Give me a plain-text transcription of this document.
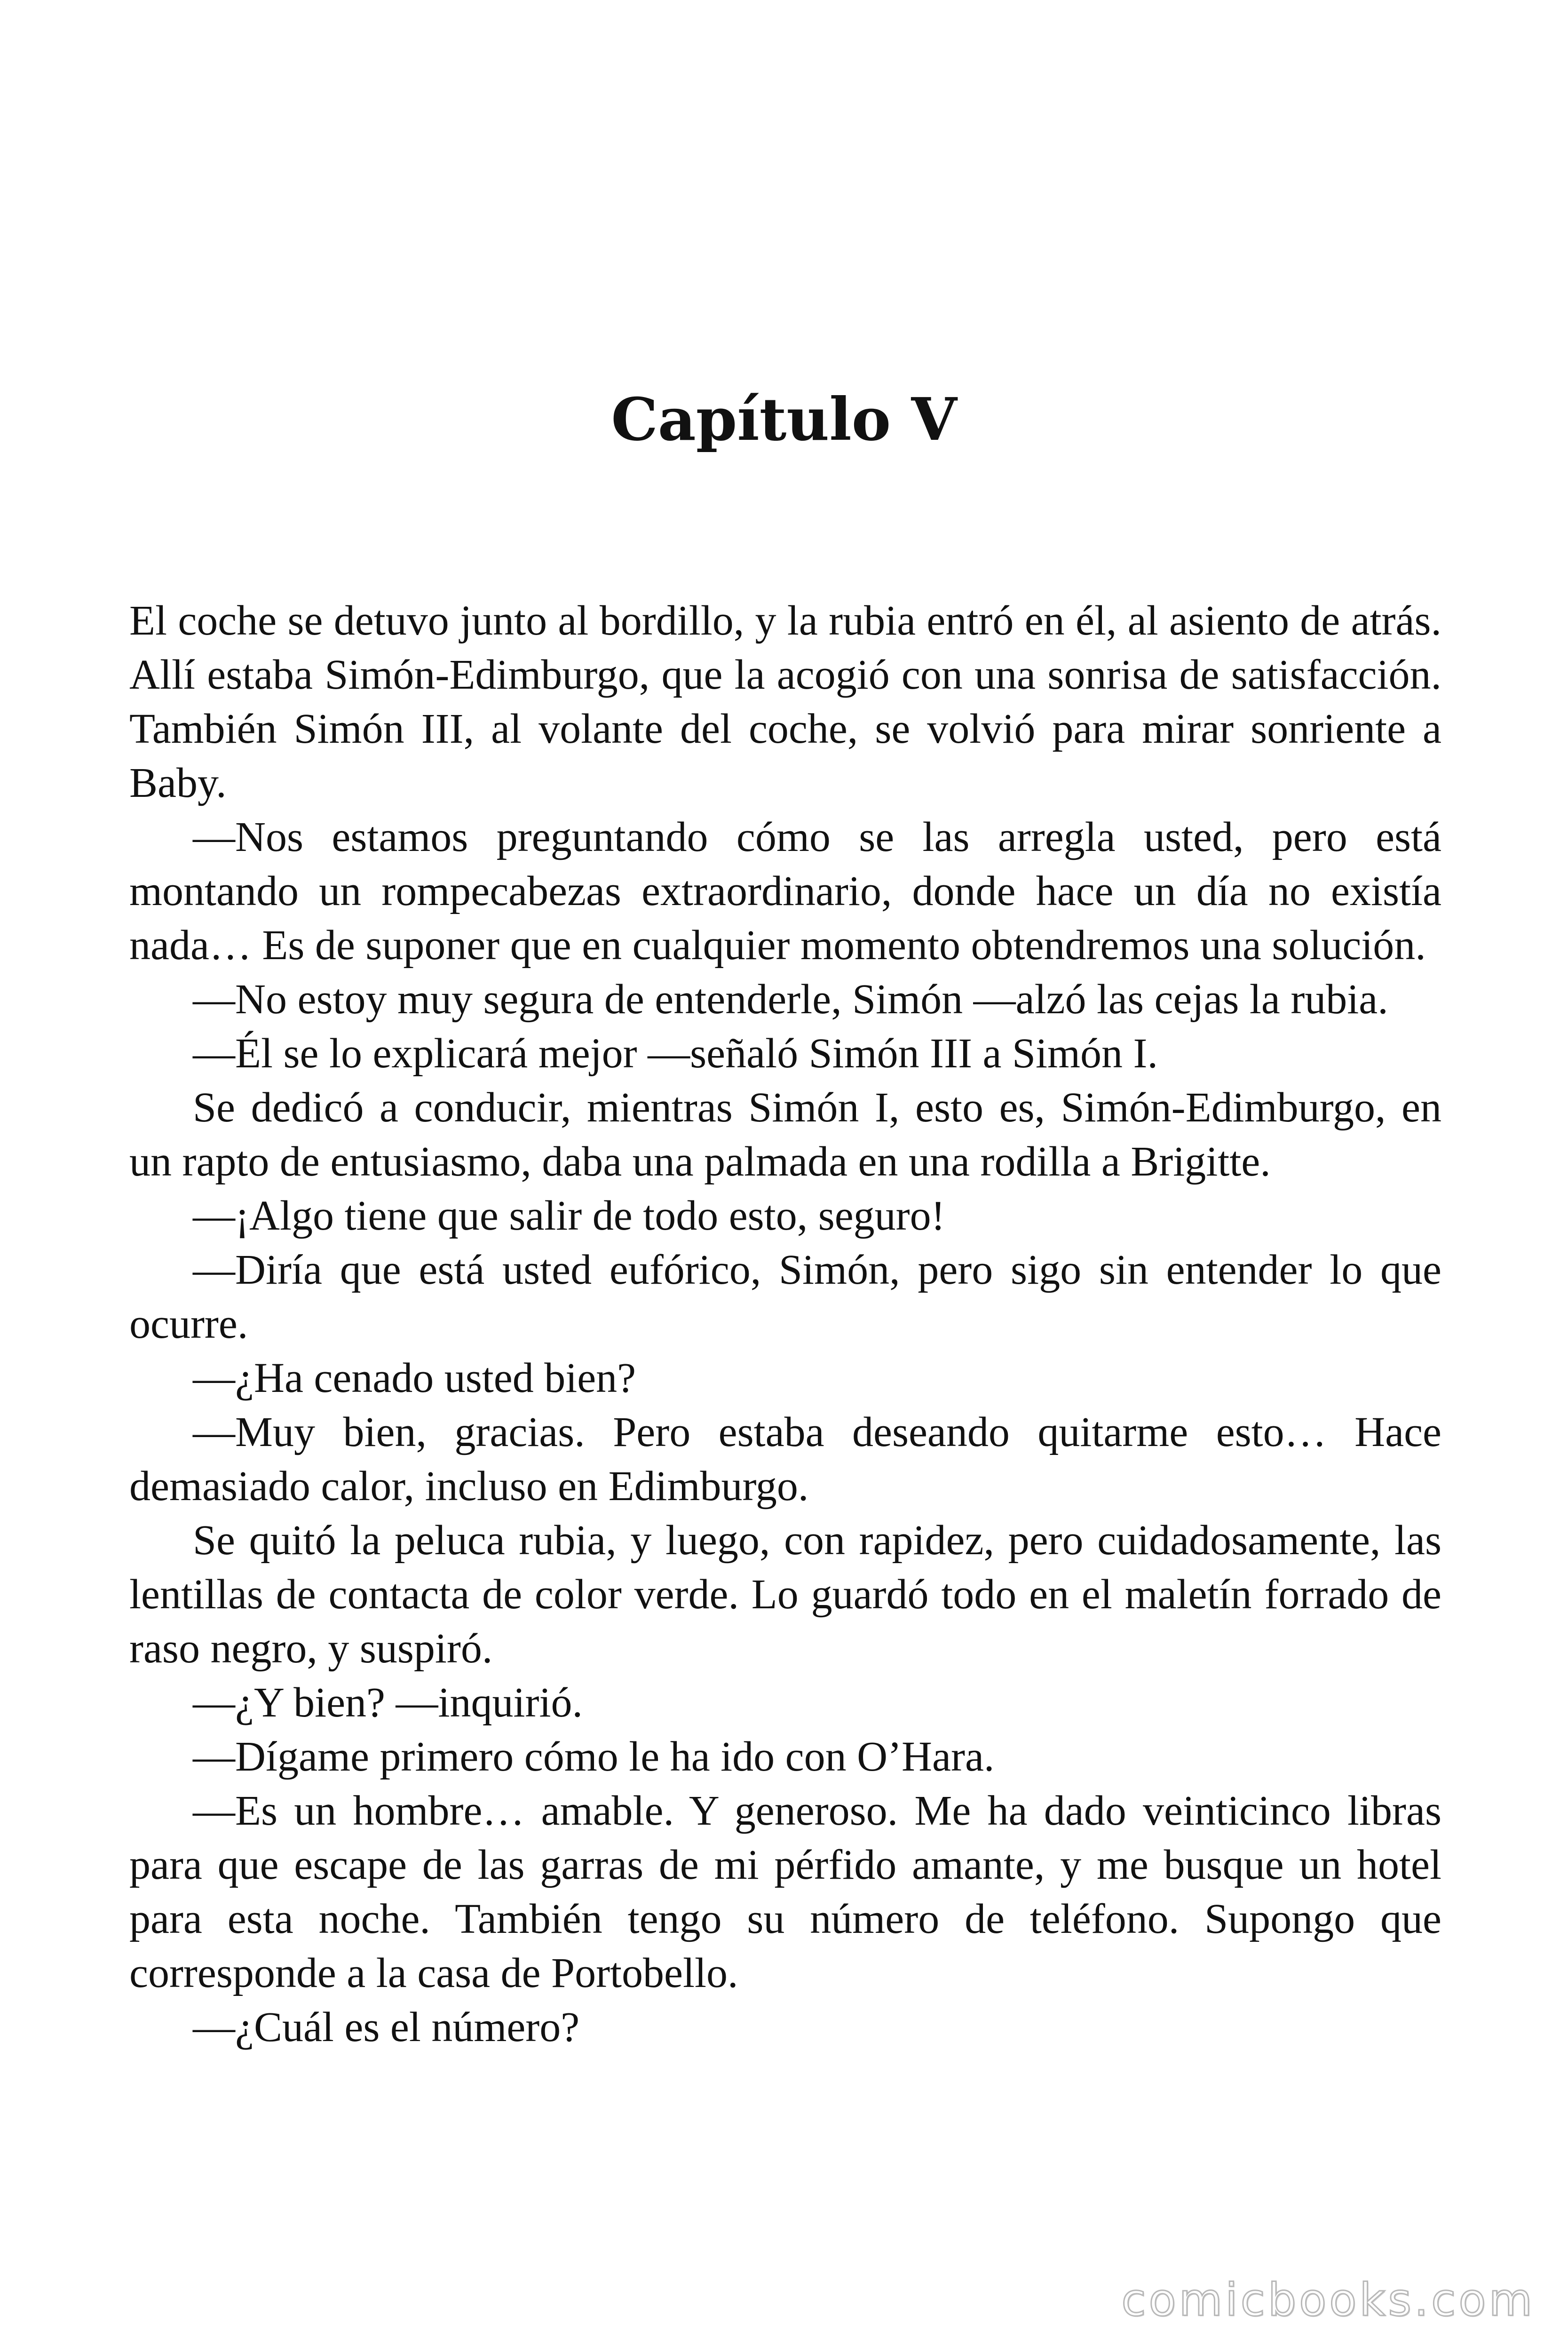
Capítulo V

El coche se detuvo junto al bordillo, y la rubia entró en él, al asiento de atrás. Allí estaba Simón-Edimburgo, que la acogió con una sonrisa de satisfacción. También Simón III, al volante del coche, se volvió para mirar sonriente a Baby.

—Nos estamos preguntando cómo se las arregla usted, pero está montando un rompecabezas extraordinario, donde hace un día no existía nada… Es de suponer que en cualquier momento obtendremos una solución.

—No estoy muy segura de entenderle, Simón —alzó las cejas la rubia.

—Él se lo explicará mejor —señaló Simón III a Simón I.

Se dedicó a conducir, mientras Simón I, esto es, Simón-Edimburgo, en un rapto de entusiasmo, daba una palmada en una rodilla a Brigitte.

—¡Algo tiene que salir de todo esto, seguro!

—Diría que está usted eufórico, Simón, pero sigo sin entender lo que ocurre.

—¿Ha cenado usted bien?

—Muy bien, gracias. Pero estaba deseando quitarme esto… Hace demasiado calor, incluso en Edimburgo.

Se quitó la peluca rubia, y luego, con rapidez, pero cuidadosamente, las lentillas de contacta de color verde. Lo guardó todo en el maletín forrado de raso negro, y suspiró.

—¿Y bien? —inquirió.

—Dígame primero cómo le ha ido con O’Hara.

—Es un hombre… amable. Y generoso. Me ha dado veinticinco libras para que escape de las garras de mi pérfido amante, y me busque un hotel para esta noche. También tengo su número de teléfono. Supongo que corresponde a la casa de Portobello.

—¿Cuál es el número?

comicbooks.com
